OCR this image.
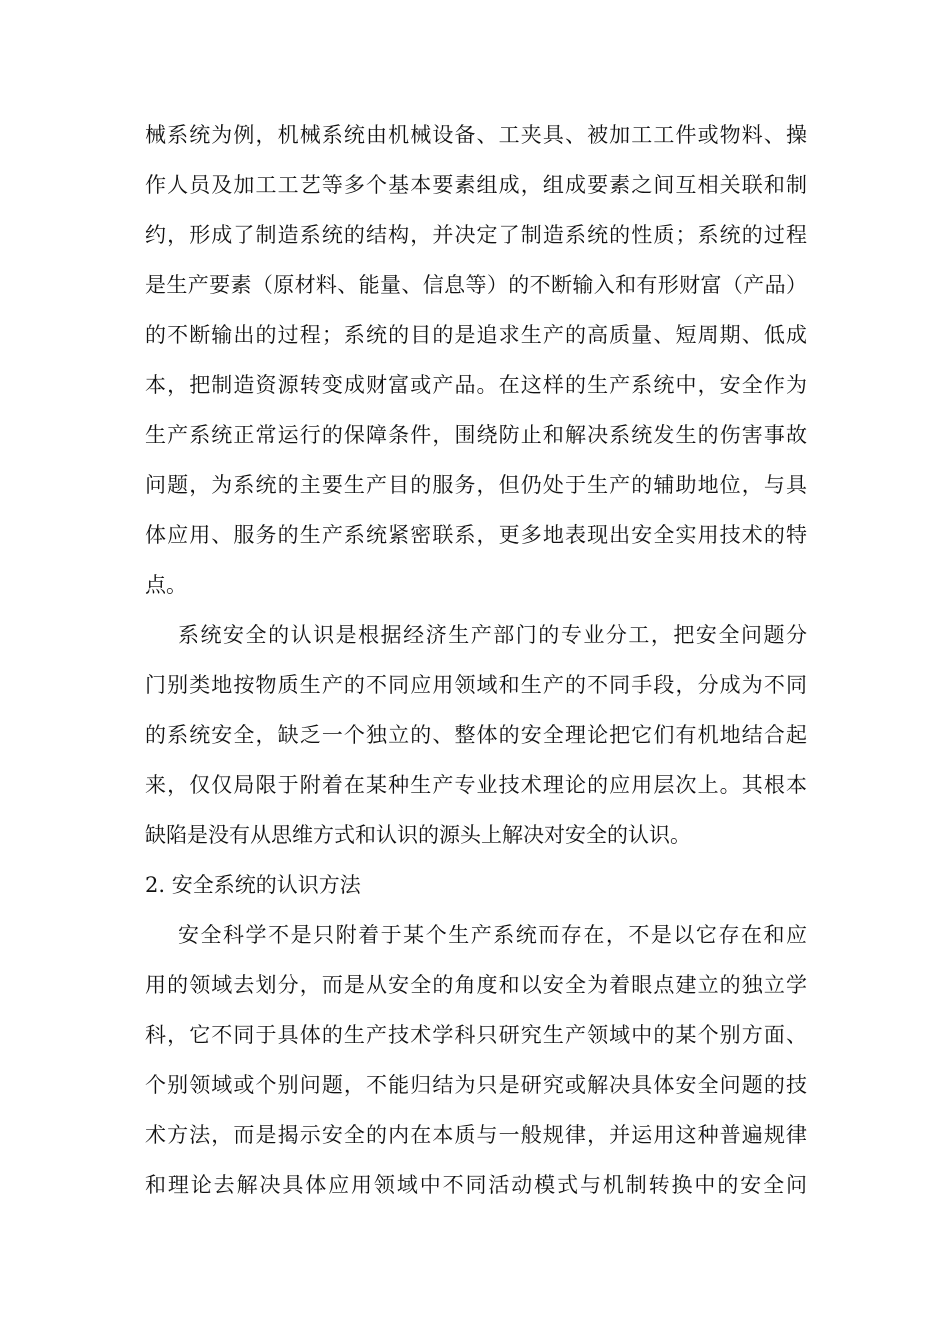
械系统为例，机械系统由机械设备、工夹具、被加工工件或物料、操
作人员及加工工艺等多个基本要素组成，组成要素之间互相关联和制
约，形成了制造系统的结构，并决定了制造系统的性质；系统的过程
是生产要素（原材料、能量、信息等）的不断输入和有形财富（产品）
的不断输出的过程；系统的目的是追求生产的高质量、短周期、低成
本，把制造资源转变成财富或产品。在这样的生产系统中，安全作为
生产系统正常运行的保障条件，围绕防止和解决系统发生的伤害事故
问题，为系统的主要生产目的服务，但仍处于生产的辅助地位，与具
体应用、服务的生产系统紧密联系，更多地表现出安全实用技术的特
点。
系统安全的认识是根据经济生产部门的专业分工，把安全问题分
门别类地按物质生产的不同应用领域和生产的不同手段，分成为不同
的系统安全，缺乏一个独立的、整体的安全理论把它们有机地结合起
来，仅仅局限于附着在某种生产专业技术理论的应用层次上。其根本
缺陷是没有从思维方式和认识的源头上解决对安全的认识。
2. 安全系统的认识方法
安全科学不是只附着于某个生产系统而存在，不是以它存在和应
用的领域去划分，而是从安全的角度和以安全为着眼点建立的独立学
科，它不同于具体的生产技术学科只研究生产领域中的某个别方面、
个别领域或个别问题，不能归结为只是研究或解决具体安全问题的技
术方法，而是揭示安全的内在本质与一般规律，并运用这种普遍规律
和理论去解决具体应用领域中不同活动模式与机制转换中的安全问
